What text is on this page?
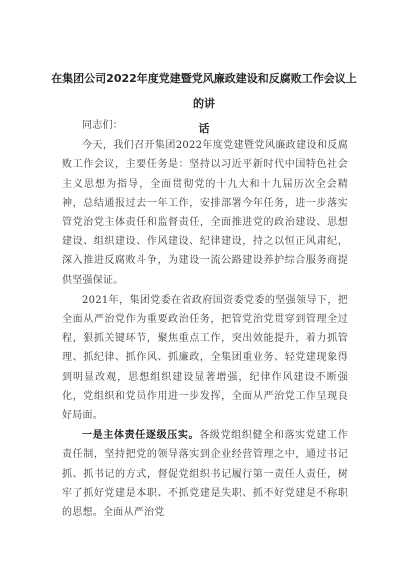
在集团公司2022年度党建暨党风廉政建设和反腐败工作会议上的讲
话

同志们：

今天，我们召开集团2022年度党建暨党风廉政建设和反腐败工作会议，主要任务是：坚持以习近平新时代中国特色社会主义思想为指导，全面贯彻党的十九大和十九届历次全会精神，总结通报过去一年工作，安排部署今年任务，进一步落实管党治党主体责任和监督责任，全面推进党的政治建设、思想建设、组织建设、作风建设、纪律建设，持之以恒正风肃纪，深入推进反腐败斗争，为建设一流公路建设养护综合服务商提供坚强保证。

2021年，集团党委在省政府国资委党委的坚强领导下，把全面从严治党作为重要政治任务，把管党治党贯穿到管理全过程，狠抓关键环节，聚焦重点工作，突出效能提升，着力抓管理、抓纪律、抓作风、抓廉政，全集团重业务、轻党建现象得到明显改观，思想组织建设显著增强，纪律作风建设不断强化，党组织和党员作用进一步发挥，全面从严治党工作呈现良好局面。

一是主体责任逐级压实。各级党组织健全和落实党建工作责任制，坚持把党的领导落实到企业经营管理之中，通过书记抓、抓书记的方式，督促党组织书记履行第一责任人责任，树牢了抓好党建是本职、不抓党建是失职、抓不好党建是不称职的思想。全面从严治党
